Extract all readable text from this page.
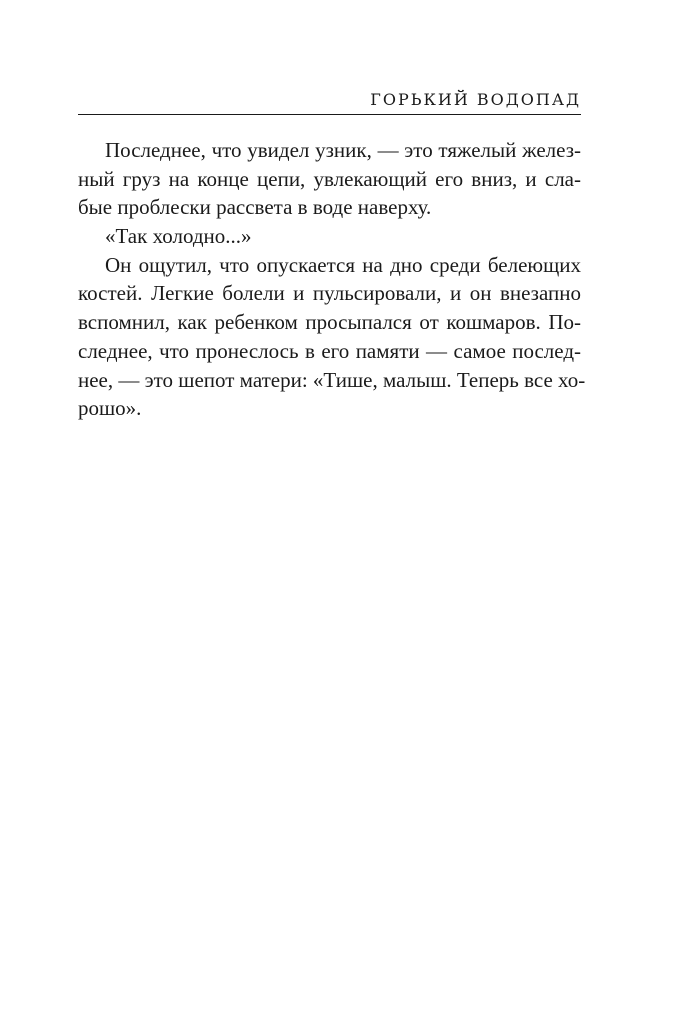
ГОРЬКИЙ ВОДОПАД
Последнее, что увидел узник, — это тяжелый желез-
ный груз на конце цепи, увлекающий его вниз, и сла-
бые проблески рассвета в воде наверху.
«Так холодно...»
Он ощутил, что опускается на дно среди белеющих
костей. Легкие болели и пульсировали, и он внезапно
вспомнил, как ребенком просыпался от кошмаров. По-
следнее, что пронеслось в его памяти — самое послед-
нее, — это шепот матери: «Тише, малыш. Теперь все хо-
рошо».
